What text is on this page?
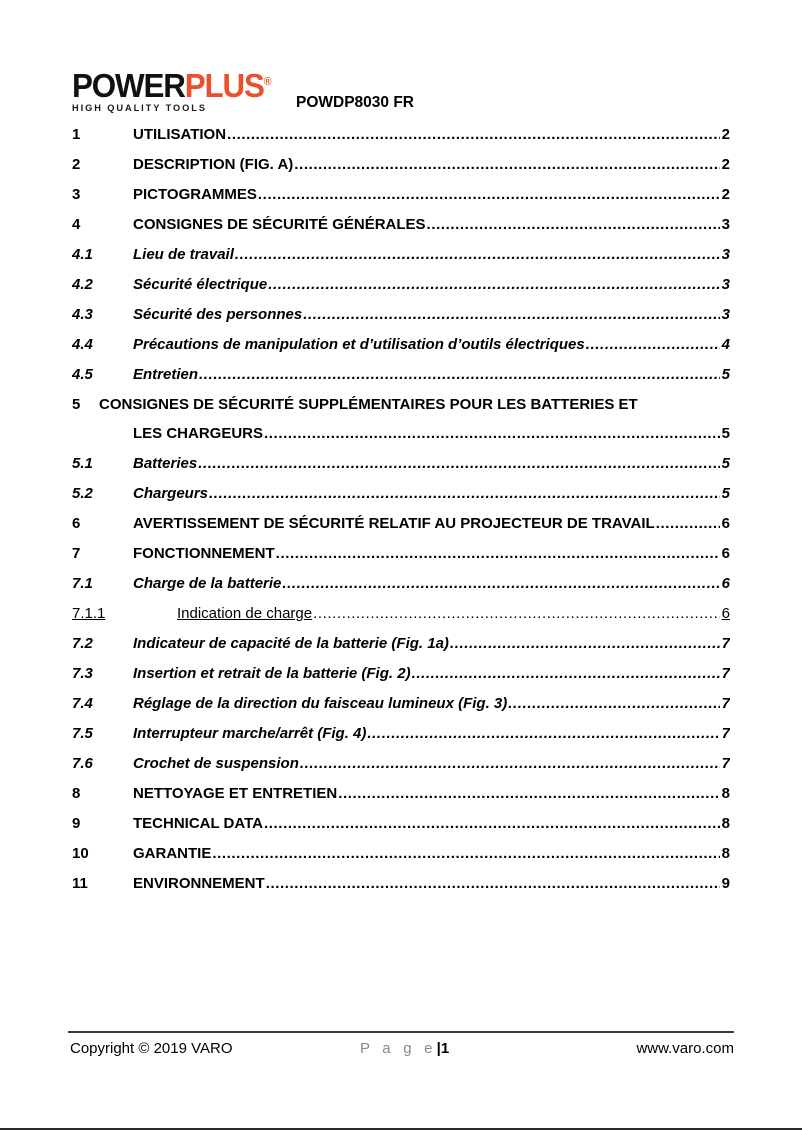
POWERPLUS®
HIGH QUALITY TOOLS	POWDP8030 FR
1	UTILISATION .....	2
2	DESCRIPTION (FIG. A) .....	2
3	PICTOGRAMMES .....	2
4	CONSIGNES DE SÉCURITÉ GÉNÉRALES .....	3
4.1	Lieu de travail .....	3
4.2	Sécurité électrique .....	3
4.3	Sécurité des personnes .....	3
4.4	Précautions de manipulation et d’utilisation d’outils électriques .....	4
4.5	Entretien .....	5
5	CONSIGNES DE SÉCURITÉ SUPPLÉMENTAIRES POUR LES BATTERIES ET
LES CHARGEURS .....	5
5.1	Batteries .....	5
5.2	Chargeurs .....	5
6	AVERTISSEMENT DE SÉCURITÉ RELATIF AU PROJECTEUR DE TRAVAIL .....	6
7	FONCTIONNEMENT .....	6
7.1	Charge de la batterie .....	6
7.1.1	Indication de charge .....	6
7.2	Indicateur de capacité de la batterie (Fig. 1a) .....	7
7.3	Insertion et retrait de la batterie (Fig. 2) .....	7
7.4	Réglage de la direction du faisceau lumineux (Fig. 3) .....	7
7.5	Interrupteur marche/arrêt (Fig. 4) .....	7
7.6	Crochet de suspension .....	7
8	NETTOYAGE ET ENTRETIEN .....	8
9	TECHNICAL DATA .....	8
10	GARANTIE .....	8
11	ENVIRONNEMENT .....	9
Copyright © 2019 VARO	P a g e|1	www.varo.com
